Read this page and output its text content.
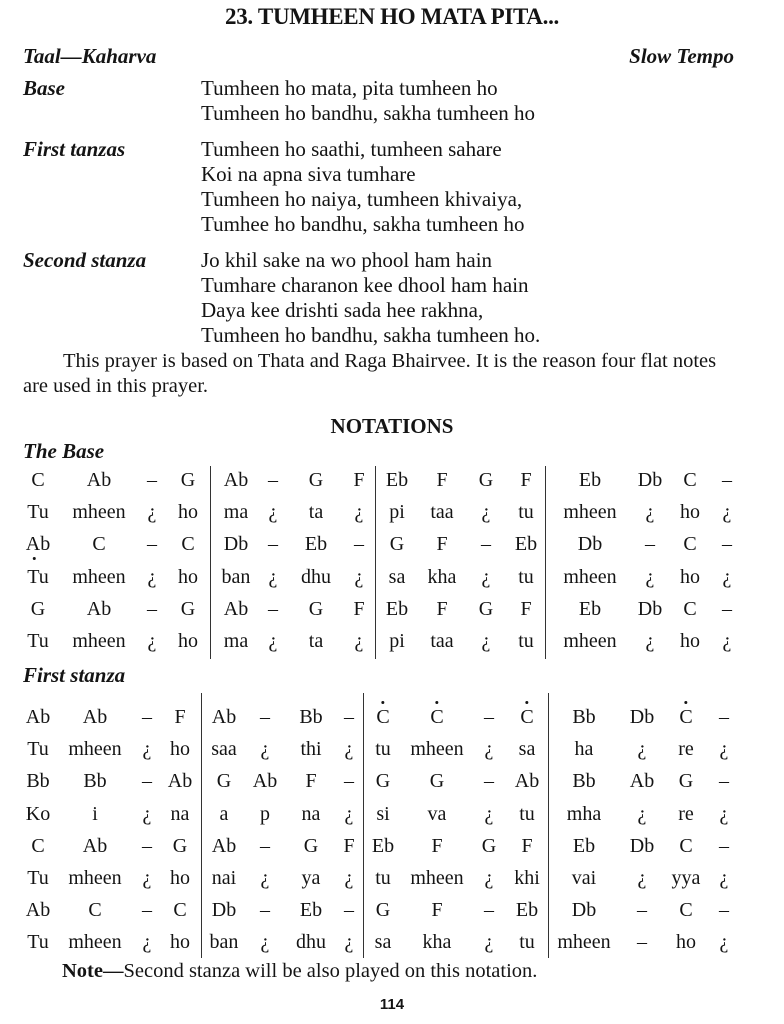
23. TUMHEEN HO MATA PITA...
Taal—Kaharva	Slow Tempo
Base	Tumheen ho mata, pita tumheen ho
Tumheen ho bandhu, sakha tumheen ho
First tanzas	Tumheen ho saathi, tumheen sahare
Koi na apna siva tumhare
Tumheen ho naiya, tumheen khivaiya,
Tumhee ho bandhu, sakha tumheen ho
Second stanza	Jo khil sake na wo phool ham hain
Tumhare charanon kee dhool ham hain
Daya kee drishti sada hee rakhna,
Tumheen ho bandhu, sakha tumheen ho.
This prayer is based on Thata and Raga Bhairvee. It is the reason four flat notes are used in this prayer.
NOTATIONS
The Base
C Ab – G Ab – G F Eb F G F Eb Db C –
Tu mheen ¿ ho ma ¿ ta ¿ pi taa ¿ tu mheen ¿ ho ¿
Ab C – C Db – Eb – G F – Eb Db – C –
Tu mheen ¿ ho ban ¿ dhu ¿ sa kha ¿ tu mheen ¿ ho ¿
G Ab – G Ab – G F Eb F G F Eb Db C –
Tu mheen ¿ ho ma ¿ ta ¿ pi taa ¿ tu mheen ¿ ho ¿
First stanza
Ab Ab – F Ab – Bb – C C – C Bb Db C –
Tu mheen ¿ ho saa ¿ thi ¿ tu mheen ¿ sa ha ¿ re ¿
Bb Bb – Ab G Ab F – G G – Ab Bb Ab G –
Ko i ¿ na a p na ¿ si va ¿ tu mha ¿ re ¿
C Ab – G Ab – G F Eb F G F Eb Db C –
Tu mheen ¿ ho nai ¿ ya ¿ tu mheen ¿ khi vai ¿ yya ¿
Ab C – C Db – Eb – G F – Eb Db – C –
Tu mheen ¿ ho ban ¿ dhu ¿ sa kha ¿ tu mheen – ho ¿
Note—Second stanza will be also played on this notation.
114
